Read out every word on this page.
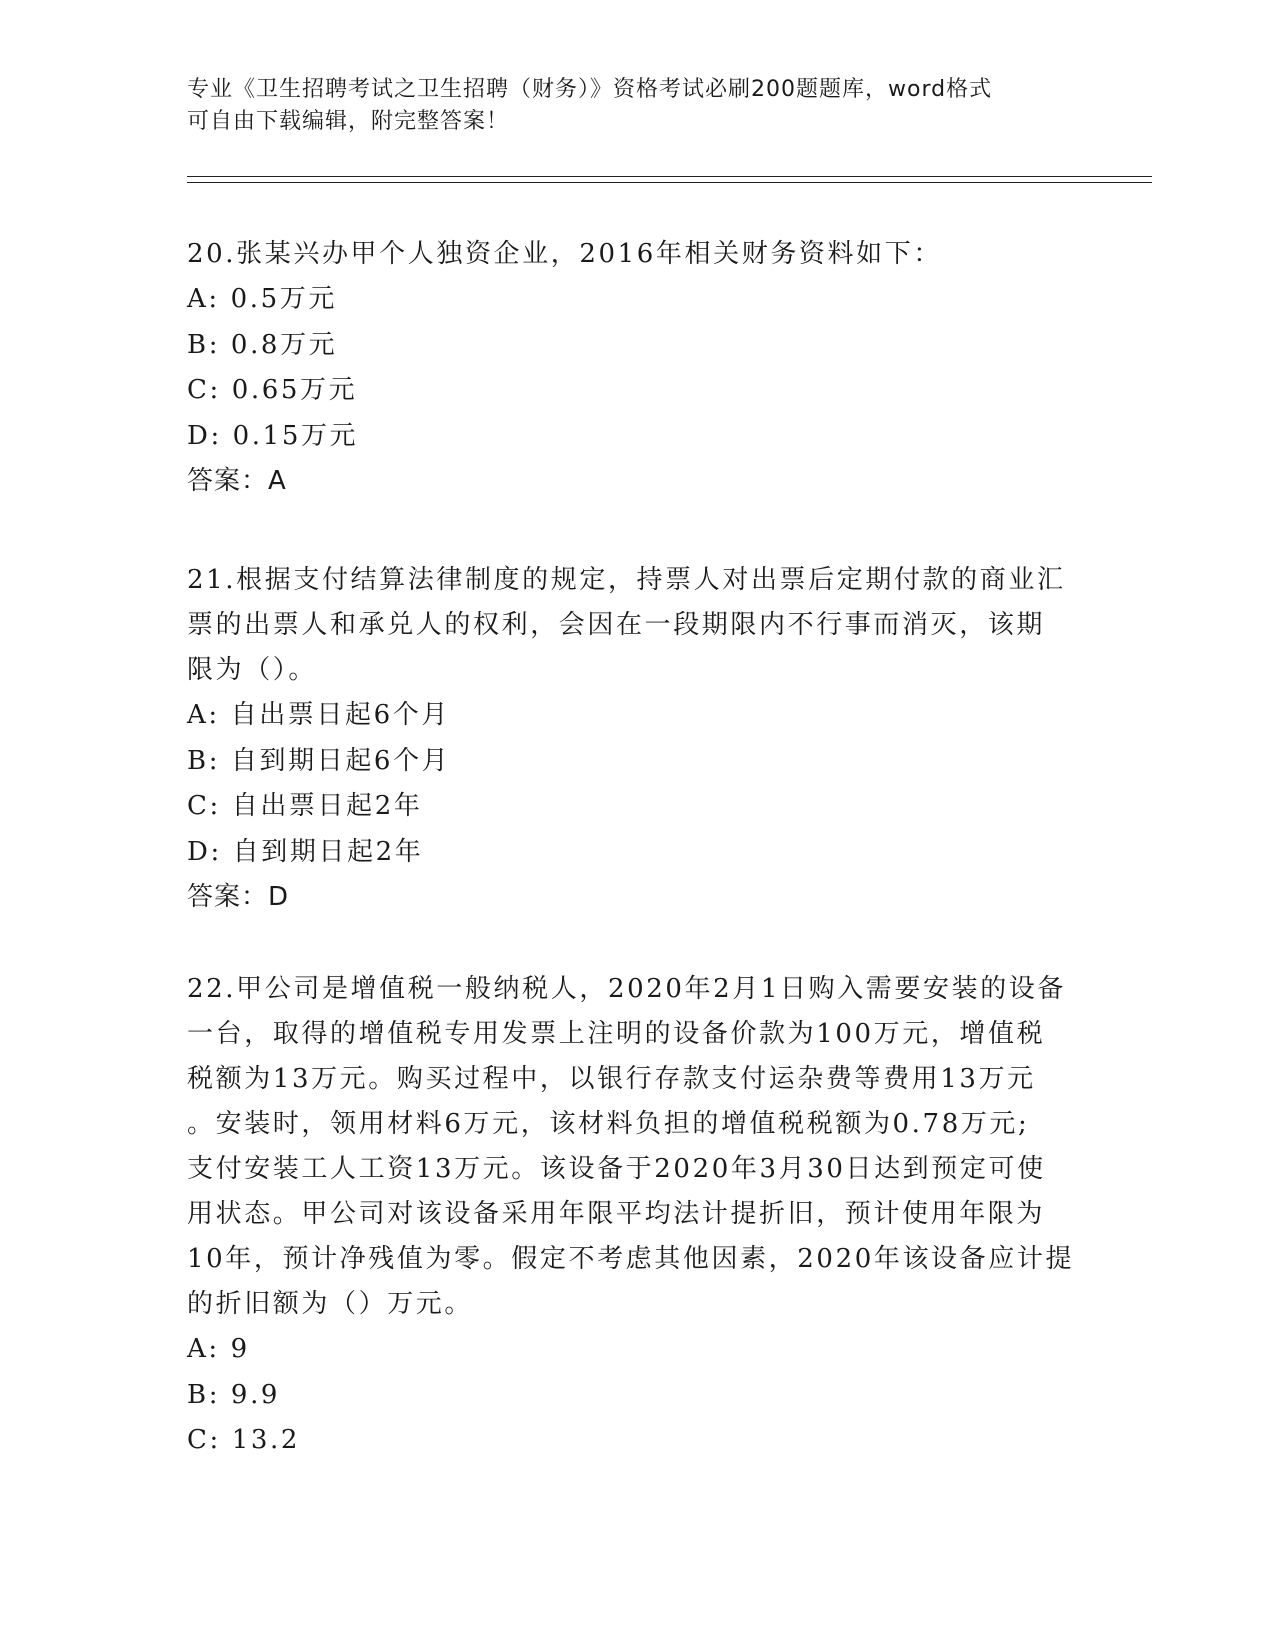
专业《卫生招聘考试之卫生招聘（财务）》资格考试必刷200题题库，word格式
可自由下载编辑，附完整答案！

20.张某兴办甲个人独资企业，2016年相关财务资料如下：

A: 0.5万元

B: 0.8万元

C: 0.65万元

D: 0.15万元

答案：A

21.根据支付结算法律制度的规定，持票人对出票后定期付款的商业汇

票的出票人和承兑人的权利，会因在一段期限内不行事而消灭，该期

限为（）。

A: 自出票日起6个月

B: 自到期日起6个月

C: 自出票日起2年

D: 自到期日起2年

答案：D

22.甲公司是增值税一般纳税人，2020年2月1日购入需要安装的设备

一台，取得的增值税专用发票上注明的设备价款为100万元，增值税

税额为13万元。购买过程中，以银行存款支付运杂费等费用13万元

。安装时，领用材料6万元，该材料负担的增值税税额为0.78万元;

支付安装工人工资13万元。该设备于2020年3月30日达到预定可使

用状态。甲公司对该设备采用年限平均法计提折旧，预计使用年限为

10年，预计净残值为零。假定不考虑其他因素，2020年该设备应计提

的折旧额为（）万元。

A: 9

B: 9.9

C: 13.2
